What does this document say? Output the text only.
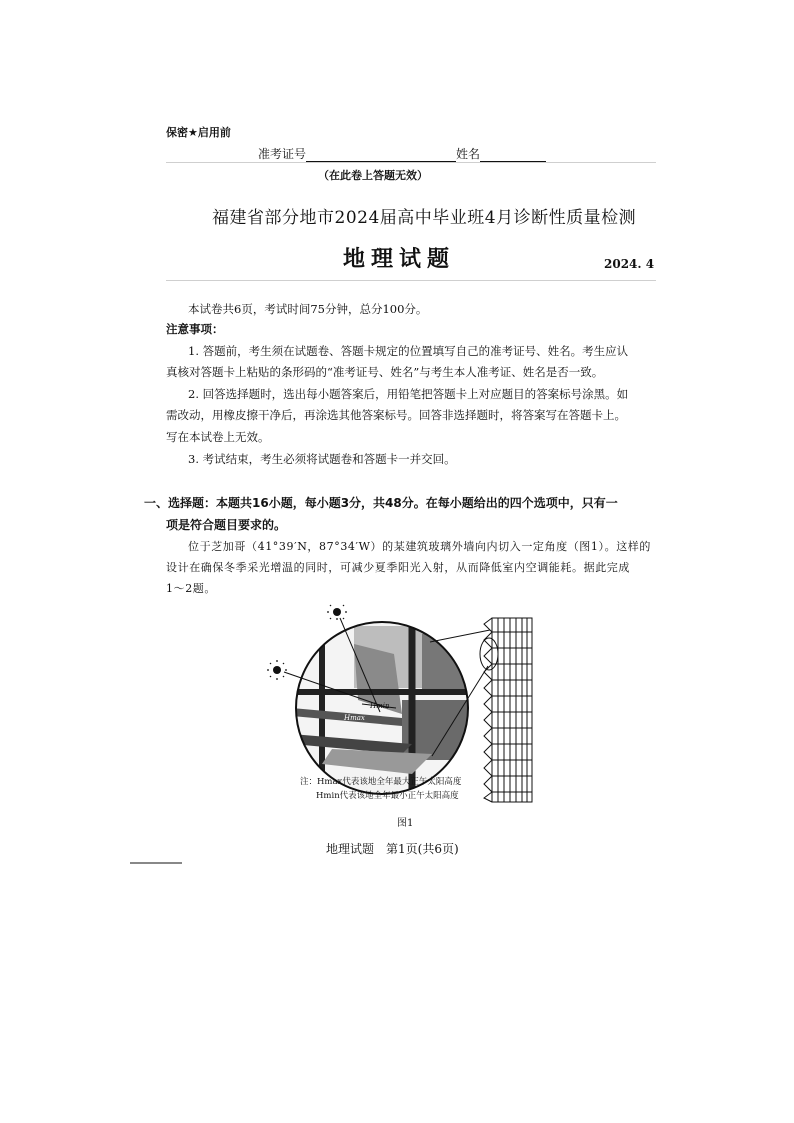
保密★启用前
准考证号	姓名
（在此卷上答题无效）
福建省部分地市2024届高中毕业班4月诊断性质量检测
地理试题	2024. 4
本试卷共6页，考试时间75分钟，总分100分。
注意事项：
1. 答题前，考生须在试题卷、答题卡规定的位置填写自己的准考证号、姓名。考生应认
真核对答题卡上粘贴的条形码的“准考证号、姓名”与考生本人准考证、姓名是否一致。
2. 回答选择题时，选出每小题答案后，用铅笔把答题卡上对应题目的答案标号涂黑。如
需改动，用橡皮擦干净后，再涂选其他答案标号。回答非选择题时，将答案写在答题卡上。
写在本试卷上无效。
3. 考试结束，考生必须将试题卷和答题卡一并交回。
一、选择题：本题共16小题，每小题3分，共48分。在每小题给出的四个选项中，只有一
项是符合题目要求的。
位于芝加哥（41°39′N，87°34′W）的某建筑玻璃外墙向内切入一定角度（图1）。这样的
设计在确保冬季采光增温的同时，可减少夏季阳光入射，从而降低室内空调能耗。据此完成
1～2题。
Hmax
Hmin
注：Hmax代表该地全年最大正午太阳高度
Hmin代表该地全年最小正午太阳高度
图1
地理试题　第1页(共6页)
